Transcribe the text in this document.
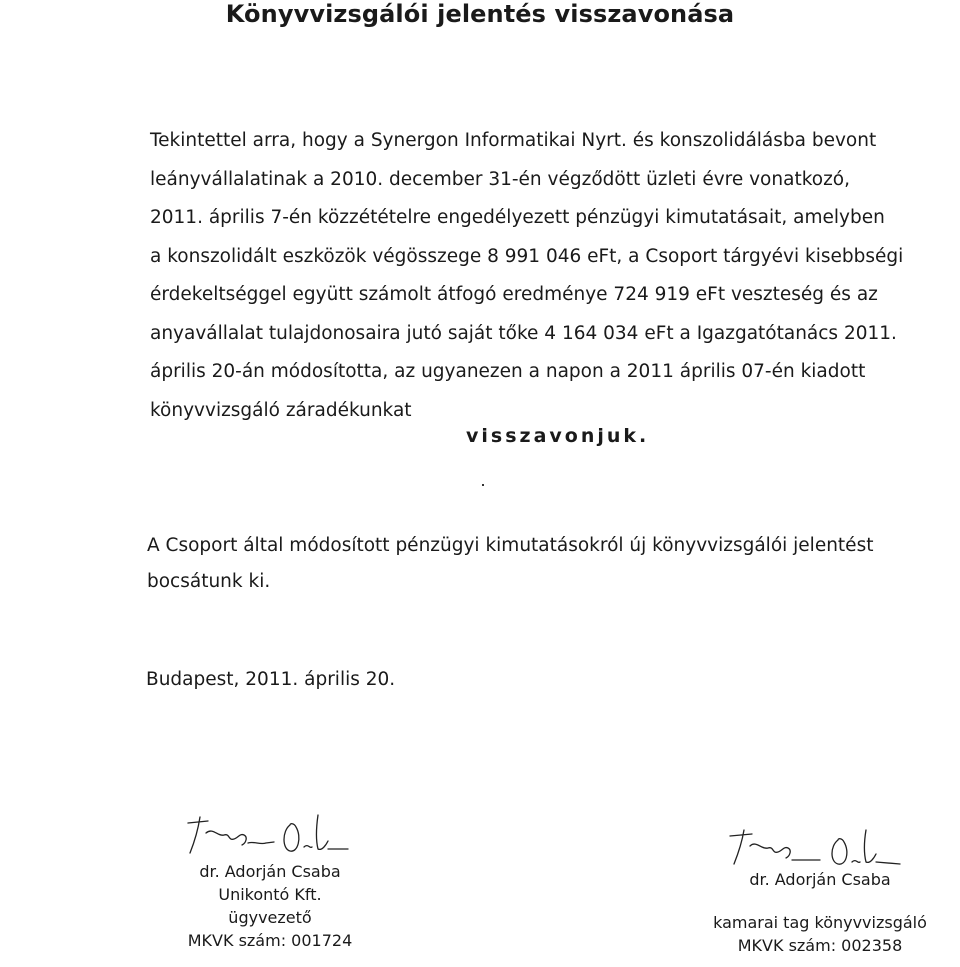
Könyvvizsgálói jelentés visszavonása
Tekintettel arra, hogy a Synergon Informatikai Nyrt. és konszolidálásba bevont
leányvállalatinak a 2010. december 31-én végződött üzleti évre vonatkozó,
2011. április 7-én közzétételre engedélyezett pénzügyi kimutatásait, amelyben
a konszolidált eszközök végösszege 8 991 046 eFt, a Csoport tárgyévi kisebbségi
érdekeltséggel együtt számolt átfogó eredménye 724 919 eFt veszteség és az
anyavállalat tulajdonosaira jutó saját tőke 4 164 034 eFt a Igazgatótanács 2011.
április 20-án módosította, az ugyanezen a napon a 2011 április 07-én kiadott
könyvvizsgáló záradékunkat
visszavonjuk.
A Csoport által módosított pénzügyi kimutatásokról új könyvvizsgálói jelentést
bocsátunk ki.
Budapest, 2011. április 20.
dr. Adorján Csaba
Unikontó Kft.
ügyvezető
MKVK szám: 001724
dr. Adorján Csaba
kamarai tag könyvvizsgáló
MKVK szám: 002358
